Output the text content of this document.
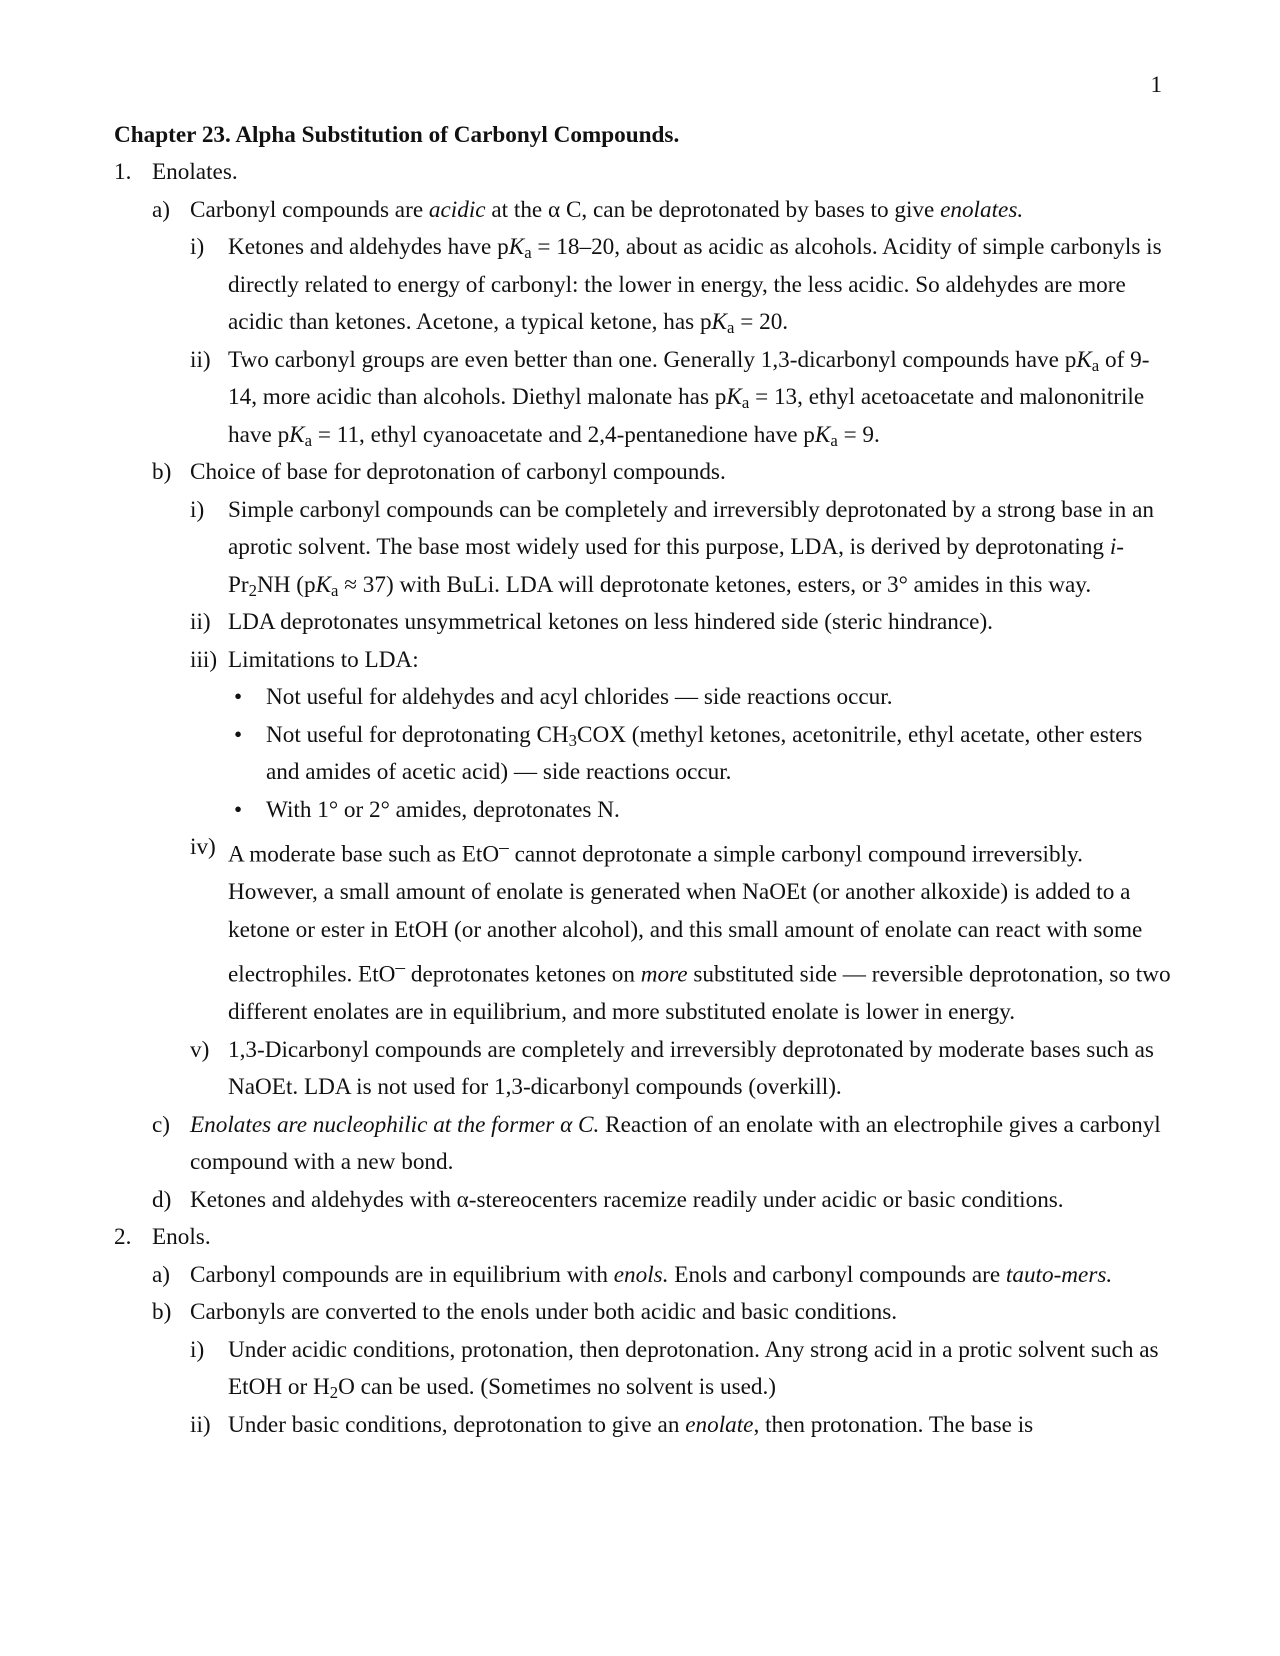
1

Chapter 23. Alpha Substitution of Carbonyl Compounds.

1. Enolates.
a) Carbonyl compounds are acidic at the α C, can be deprotonated by bases to give enolates.
i) Ketones and aldehydes have $pK_a = 18-20$, about as acidic as alcohols. Acidity of simple carbonyls is directly related to energy of carbonyl: the lower in energy, the less acidic. So aldehydes are more acidic than ketones. Acetone, a typical ketone, has $pK_a = 20$.
ii) Two carbonyl groups are even better than one. Generally 1,3-dicarbonyl compounds have $pK_a$ of 9-14, more acidic than alcohols. Diethyl malonate has $pK_a = 13$, ethyl acetoacetate and malononitrile have $pK_a = 11$, ethyl cyanoacetate and 2,4-pentanedione have $pK_a = 9$.
b) Choice of base for deprotonation of carbonyl compounds.
i) Simple carbonyl compounds can be completely and irreversibly deprotonated by a strong base in an aprotic solvent. The base most widely used for this purpose, LDA, is derived by deprotonating $i-Pr_2NH$ $(pK_a \approx 37)$ with BuLi. LDA will deprotonate ketones, esters, or 3° amides in this way.
ii) LDA deprotonates unsymmetrical ketones on less hindered side (steric hindrance).
iii) Limitations to LDA:
• Not useful for aldehydes and acyl chlorides — side reactions occur.
• Not useful for deprotonating $CH_3COX$ (methyl ketones, acetonitrile, ethyl acetate, other esters and amides of acetic acid) — side reactions occur.
• With 1° or 2° amides, deprotonates N.
iv) A moderate base such as EtO– cannot deprotonate a simple carbonyl compound irreversibly. However, a small amount of enolate is generated when NaOEt (or another alkoxide) is added to a ketone or ester in EtOH (or another alcohol), and this small amount of enolate can react with some electrophiles. EtO– deprotonates ketones on more substituted side — reversible deprotonation, so two different enolates are in equilibrium, and more substituted enolate is lower in energy.
v) 1,3-Dicarbonyl compounds are completely and irreversibly deprotonated by moderate bases such as NaOEt. LDA is not used for 1,3-dicarbonyl compounds (overkill).
c) Enolates are nucleophilic at the former α C. Reaction of an enolate with an electrophile gives a carbonyl compound with a new bond.
d) Ketones and aldehydes with α-stereocenters racemize readily under acidic or basic conditions.
2. Enols.
a) Carbonyl compounds are in equilibrium with enols. Enols and carbonyl compounds are tauto-mers.
b) Carbonyls are converted to the enols under both acidic and basic conditions.
i) Under acidic conditions, protonation, then deprotonation. Any strong acid in a protic solvent such as EtOH or $H_2O$ can be used. (Sometimes no solvent is used.)
ii) Under basic conditions, deprotonation to give an enolate, then protonation. The base is
